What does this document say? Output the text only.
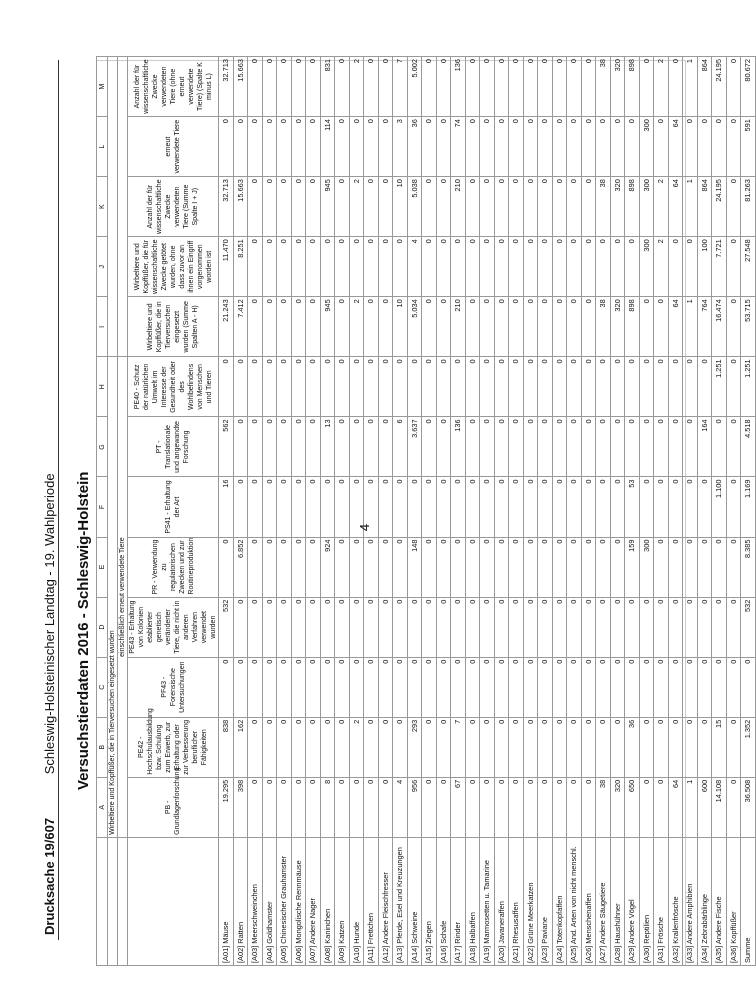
Drucksache 19/607 Schleswig-Holsteinischer Landtag - 19. Wahlperiode Versuchstierdaten 2016 - Schleswig-Holstein
	A	B	C	D	E	F	G	H	I	J	K	L	M
	Wirbeltiere und Kopffüßer, die in Tierversuchen eingesetzt wurden												
	einschließlich erneut verwendete Tiere												
	PB - Grundlagenforschung	PE42 - Hochschulausbildung bzw. Schulung zum Erwerb, zur Erhaltung oder zur Verbesserung beruflicher Fähigkeiten	PF43 - Forensische Untersuchungen	PE43 - Erhaltung von Kolonien etablierter genetisch veränderter Tiere, die nicht in anderen Verfahren verwendet wurden	PR - Verwendung zu regulatorischen Zwecken und zur Routineproduktion	PS41 - Erhaltung der Art	PT - Translationale und angewandte Forschung	PE40 - Schutz der natürlichen Umwelt im Interesse der Gesundheit oder des Wohlbefindens von Menschen und Tieren	Wirbeltiere und Kopffüßer, die in Tierversuchen eingesetzt wurden (Summe Spalten A - H)	Wirbeltiere und Kopffüßer, die für wissenschaftliche Zwecke getötet wurden, ohne dass zuvor an ihnen ein Eingriff vorgenommen worden ist	Anzahl der für wissenschaftliche Zwecke verwendeten Tiere (Summe Spalte I + J)	erneut verwendete Tiere	Anzahl der für wissenschaftliche Zwecke verwendeten Tiere (ohne erneut verwendete Tiere) (Spalte K minus L)
[A01] Mäuse	19.295	838	0	532	0	16	562	0	21.243	11.470	32.713	0	32.713
[A02] Ratten	398	162	0	0	6.852	0	0	0	7.412	8.251	15.663	0	15.663
[A03] Meerschweinchen	0	0	0	0	0	0	0	0	0	0	0	0	0
[A04] Goldhamster	0	0	0	0	0	0	0	0	0	0	0	0	0
[A05] Chinesischer Grauhamster	0	0	0	0	0	0	0	0	0	0	0	0	0
[A06] Mongolische Rennmäuse	0	0	0	0	0	0	0	0	0	0	0	0	0
[A07] Andere Nager	0	0	0	0	0	0	0	0	0	0	0	0	0
[A08] Kaninchen	8	0	0	0	924	0	13	0	945	0	945	114	831
[A09] Katzen	0	0	0	0	0	0	0	0	0	0	0	0	0
[A10] Hunde	0	2	0	0	0	0	0	0	2	0	2	0	2
[A11] Frettchen	0	0	0	0	0	0	0	0	0	0	0	0	0
[A12] Andere Fleischfresser	0	0	0	0	0	0	0	0	0	0	0	0	0
[A13] Pferde, Esel und Kreuzungen	4	0	0	0	0	0	6	0	10	0	10	3	7
[A14] Schweine	956	293	0	0	148	0	3.637	0	5.034	4	5.038	36	5.002
[A15] Ziegen	0	0	0	0	0	0	0	0	0	0	0	0	0
[A16] Schafe	0	0	0	0	0	0	0	0	0	0	0	0	0
[A17] Rinder	67	7	0	0	0	0	136	0	210	0	210	74	136
[A18] Halbaffen	0	0	0	0	0	0	0	0	0	0	0	0	0
[A19] Marmosetten u. Tamarine	0	0	0	0	0	0	0	0	0	0	0	0	0
[A20] Javaneraffen	0	0	0	0	0	0	0	0	0	0	0	0	0
[A21] Rhesusaffen	0	0	0	0	0	0	0	0	0	0	0	0	0
[A22] Grüne Meerkatzen	0	0	0	0	0	0	0	0	0	0	0	0	0
[A23] Paviane	0	0	0	0	0	0	0	0	0	0	0	0	0
[A24] Totenkopfaffen	0	0	0	0	0	0	0	0	0	0	0	0	0
[A25] And. Arten von nicht menschl.	0	0	0	0	0	0	0	0	0	0	0	0	0
[A26] Menschenaffen	0	0	0	0	0	0	0	0	0	0	0	0	0
[A27] Andere Säugetiere	38	0	0	0	0	0	0	0	38	0	38	0	38
[A28] Haushühner	320	0	0	0	0	0	0	0	320	0	320	0	320
[A29] Andere Vögel	650	36	0	0	159	53	0	0	898	0	898	0	898
[A30] Reptilien	0	0	0	0	300	0	0	0	0	300	300	300	0
[A31] Frösche	0	0	0	0	0	0	0	0	0	2	2	0	2
[A32] Krallenfrösche	64	0	0	0	0	0	0	0	64	0	64	64	0
[A33] Andere Amphibien	1	0	0	0	0	0	0	0	1	0	1	0	1
[A34] Zebrabärblinge	600	0	0	0	0	0	164	0	764	100	864	0	864
[A35] Andere Fische	14.108	15	0	0	0	1.100	0	1.251	16.474	7.721	24.195	0	24.195
[A36] Kopffüßer	0	0	0	0	0	0	0	0	0	0	0	0	0
Summe	36.508	1.352	0	532	8.385	1.169	4.518	1.251	53.715	27.548	81.263	591	80.672
4
